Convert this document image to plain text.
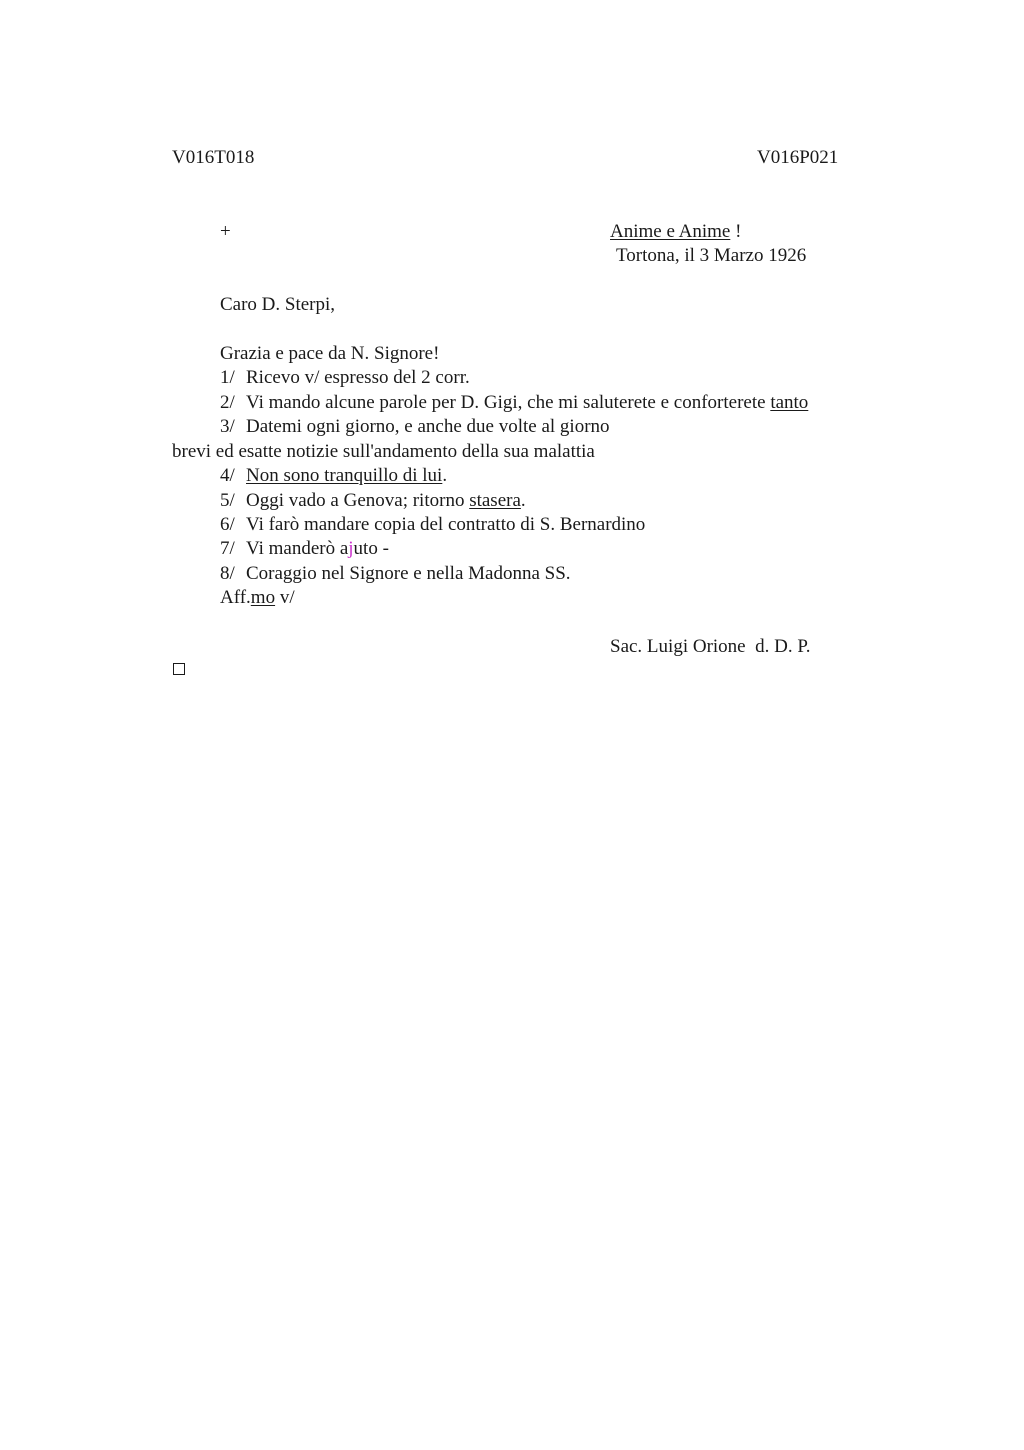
V016T018	V016P021
+	Anime e Anime !
Tortona, il 3 Marzo 1926
Caro D. Sterpi,
Grazia e pace da N. Signore!
1/ Ricevo v/ espresso del 2 corr.
2/ Vi mando alcune parole per D. Gigi, che mi saluterete e conforterete tanto
3/ Datemi ogni giorno, e anche due volte al giorno
brevi ed esatte notizie sull'andamento della sua malattia
4/ Non sono tranquillo di lui.
5/ Oggi vado a Genova; ritorno stasera.
6/ Vi farò mandare copia del contratto di S. Bernardino
7/ Vi manderò ajuto -
8/ Coraggio nel Signore e nella Madonna SS.
Aff.mo v/
Sac. Luigi Orione  d. D. P.
